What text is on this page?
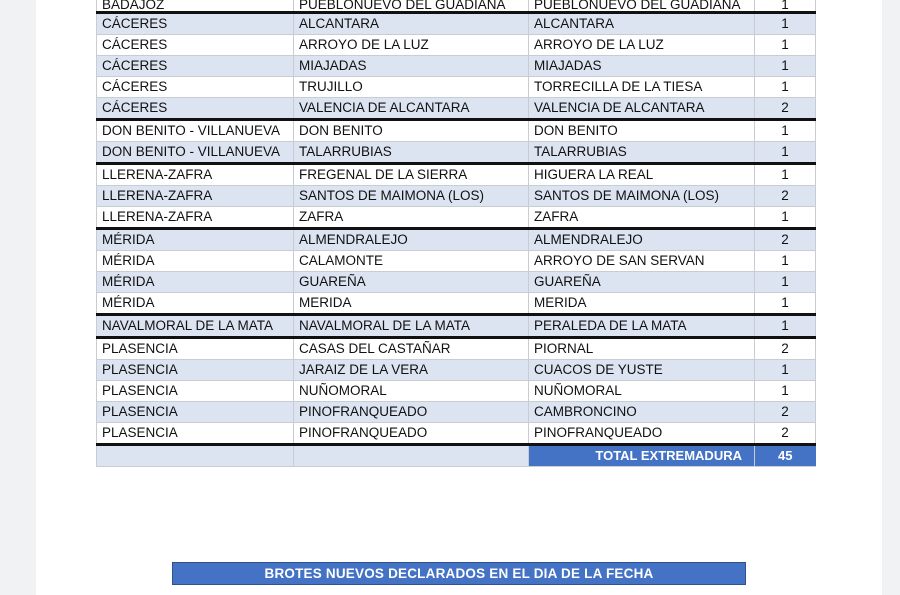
BADAJOZ	PUEBLONUEVO DEL GUADIANA	PUEBLONUEVO DEL GUADIANA	1
CÁCERES	ALCANTARA	ALCANTARA	1
CÁCERES	ARROYO DE LA LUZ	ARROYO DE LA LUZ	1
CÁCERES	MIAJADAS	MIAJADAS	1
CÁCERES	TRUJILLO	TORRECILLA DE LA TIESA	1
CÁCERES	VALENCIA DE ALCANTARA	VALENCIA DE ALCANTARA	2
DON BENITO - VILLANUEVA	DON BENITO	DON BENITO	1
DON BENITO - VILLANUEVA	TALARRUBIAS	TALARRUBIAS	1
LLERENA-ZAFRA	FREGENAL DE LA SIERRA	HIGUERA LA REAL	1
LLERENA-ZAFRA	SANTOS DE MAIMONA (LOS)	SANTOS DE MAIMONA (LOS)	2
LLERENA-ZAFRA	ZAFRA	ZAFRA	1
MÉRIDA	ALMENDRALEJO	ALMENDRALEJO	2
MÉRIDA	CALAMONTE	ARROYO DE SAN SERVAN	1
MÉRIDA	GUAREÑA	GUAREÑA	1
MÉRIDA	MERIDA	MERIDA	1
NAVALMORAL DE LA MATA	NAVALMORAL DE LA MATA	PERALEDA DE LA MATA	1
PLASENCIA	CASAS DEL CASTAÑAR	PIORNAL	2
PLASENCIA	JARAIZ DE LA VERA	CUACOS DE YUSTE	1
PLASENCIA	NUÑOMORAL	NUÑOMORAL	1
PLASENCIA	PINOFRANQUEADO	CAMBRONCINO	2
PLASENCIA	PINOFRANQUEADO	PINOFRANQUEADO	2
		TOTAL EXTREMADURA	45
BROTES NUEVOS DECLARADOS EN EL DIA DE LA FECHA
